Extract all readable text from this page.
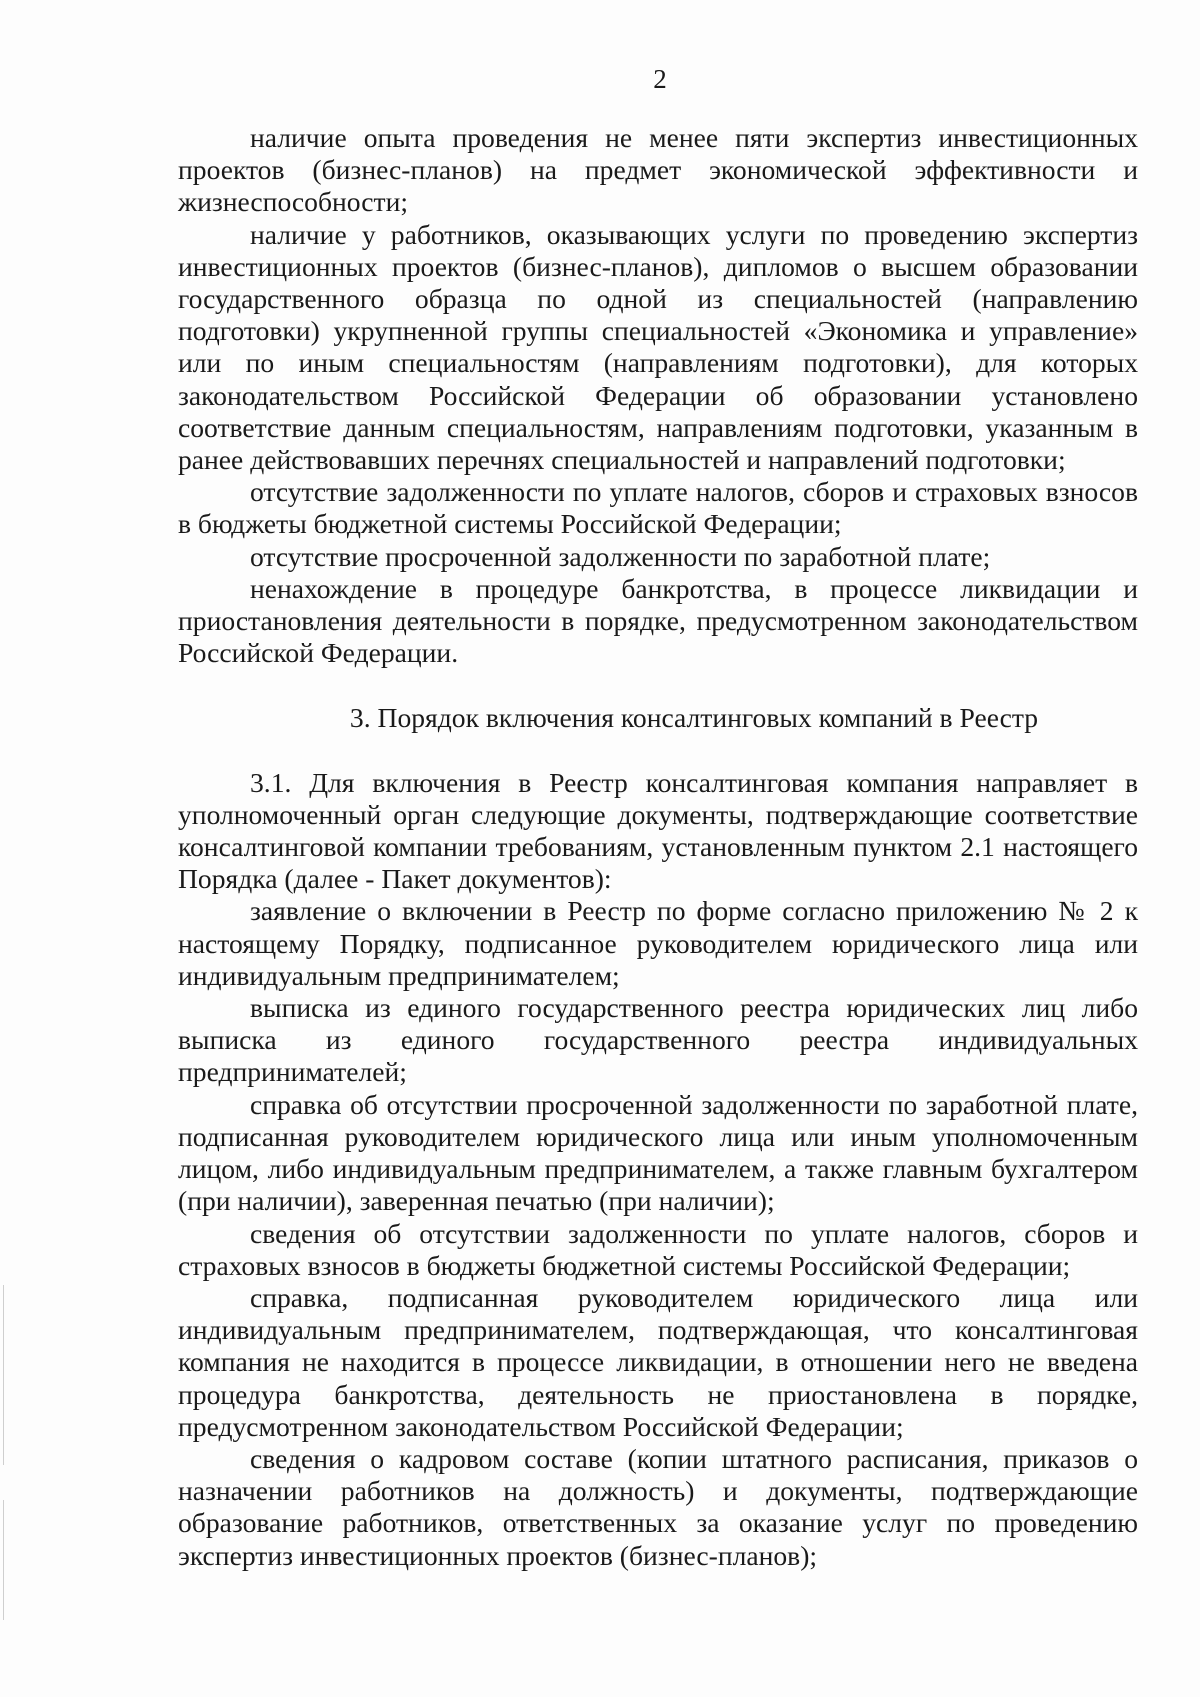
2

наличие опыта проведения не менее пяти экспертиз инвестиционных проектов (бизнес-планов) на предмет экономической эффективности и жизнеспособности;

наличие у работников, оказывающих услуги по проведению экспертиз инвестиционных проектов (бизнес-планов), дипломов о высшем образовании государственного образца по одной из специальностей (направлению подготовки) укрупненной группы специальностей «Экономика и управление» или по иным специальностям (направлениям подготовки), для которых законодательством Российской Федерации об образовании установлено соответствие данным специальностям, направлениям подготовки, указанным в ранее действовавших перечнях специальностей и направлений подготовки;

отсутствие задолженности по уплате налогов, сборов и страховых взносов в бюджеты бюджетной системы Российской Федерации;

отсутствие просроченной задолженности по заработной плате;

ненахождение в процедуре банкротства, в процессе ликвидации и приостановления деятельности в порядке, предусмотренном законодательством Российской Федерации.

3. Порядок включения консалтинговых компаний в Реестр

3.1. Для включения в Реестр консалтинговая компания направляет в уполномоченный орган следующие документы, подтверждающие соответствие консалтинговой компании требованиям, установленным пунктом 2.1 настоящего Порядка (далее - Пакет документов):

заявление о включении в Реестр по форме согласно приложению № 2 к настоящему Порядку, подписанное руководителем юридического лица или индивидуальным предпринимателем;

выписка из единого государственного реестра юридических лиц либо выписка из единого государственного реестра индивидуальных предпринимателей;

справка об отсутствии просроченной задолженности по заработной плате, подписанная руководителем юридического лица или иным уполномоченным лицом, либо индивидуальным предпринимателем, а также главным бухгалтером (при наличии), заверенная печатью (при наличии);

сведения об отсутствии задолженности по уплате налогов, сборов и страховых взносов в бюджеты бюджетной системы Российской Федерации;

справка, подписанная руководителем юридического лица или индивидуальным предпринимателем, подтверждающая, что консалтинговая компания не находится в процессе ликвидации, в отношении него не введена процедура банкротства, деятельность не приостановлена в порядке, предусмотренном законодательством Российской Федерации;

сведения о кадровом составе (копии штатного расписания, приказов о назначении работников на должность) и документы, подтверждающие образование работников, ответственных за оказание услуг по проведению экспертиз инвестиционных проектов (бизнес-планов);
